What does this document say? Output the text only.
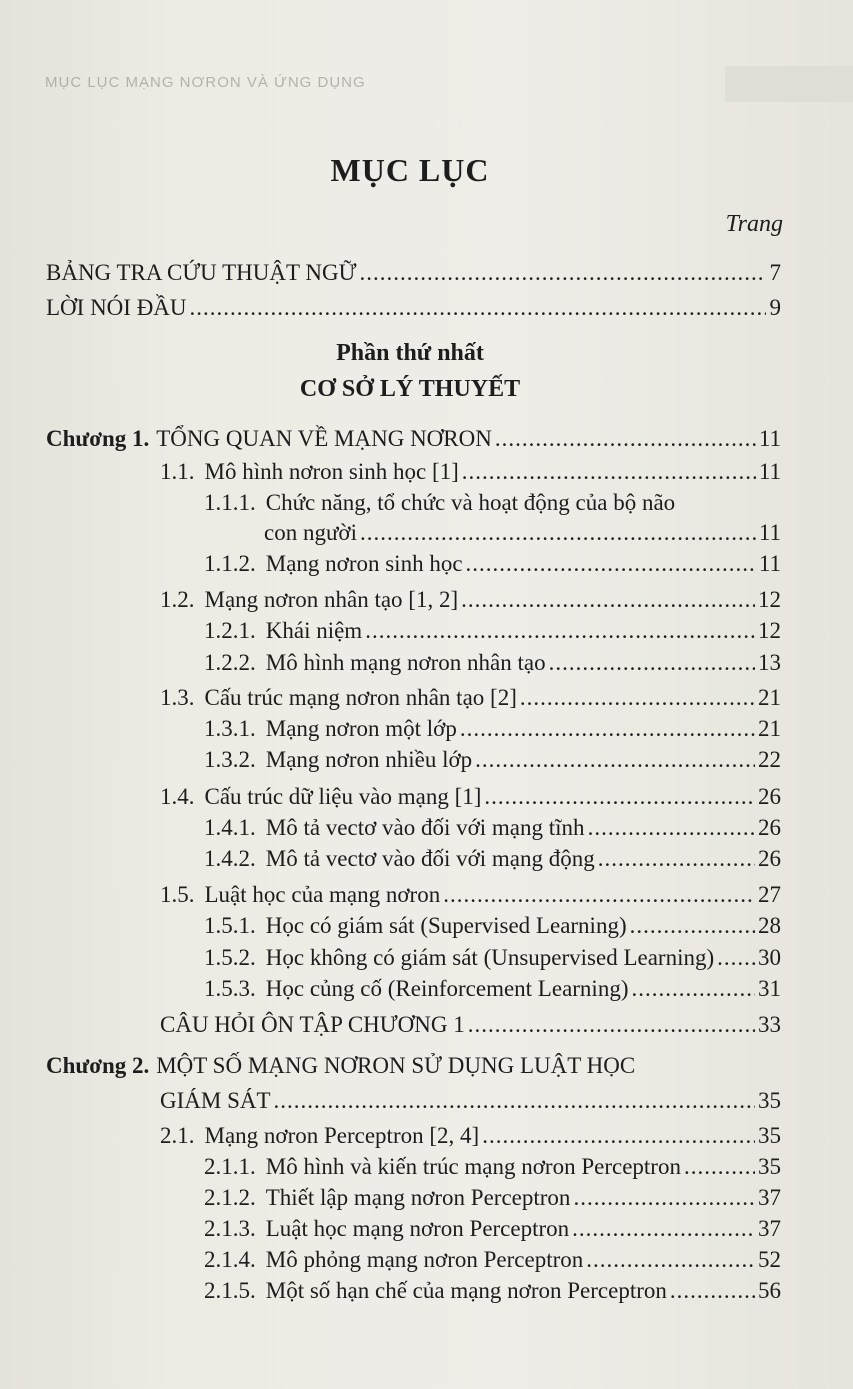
MỤC LỤC MẠNG NƠRON VÀ ỨNG DỤNG
MỤC LỤC
Trang
BẢNG TRA CỨU THUẬT NGỮ .....	7
LỜI NÓI ĐẦU .....	9
Phần thứ nhất
CƠ SỞ LÝ THUYẾT
Chương 1. TỔNG QUAN VỀ MẠNG NƠRON .....	11
1.1. Mô hình nơron sinh học [1] .....	11
1.1.1. Chức năng, tổ chức và hoạt động của bộ não
con người .....	11
1.1.2. Mạng nơron sinh học .....	11
1.2. Mạng nơron nhân tạo [1, 2] .....	12
1.2.1. Khái niệm .....	12
1.2.2. Mô hình mạng nơron nhân tạo .....	13
1.3. Cấu trúc mạng nơron nhân tạo [2] .....	21
1.3.1. Mạng nơron một lớp .....	21
1.3.2. Mạng nơron nhiều lớp .....	22
1.4. Cấu trúc dữ liệu vào mạng [1] .....	26
1.4.1. Mô tả vectơ vào đối với mạng tĩnh .....	26
1.4.2. Mô tả vectơ vào đối với mạng động .....	26
1.5. Luật học của mạng nơron .....	27
1.5.1. Học có giám sát (Supervised Learning) .....	28
1.5.2. Học không có giám sát (Unsupervised Learning) ..... 30
1.5.3. Học củng cố (Reinforcement Learning) .....	31
CÂU HỎI ÔN TẬP CHƯƠNG 1 .....	33
Chương 2. MỘT SỐ MẠNG NƠRON SỬ DỤNG LUẬT HỌC
GIÁM SÁT .....	35
2.1. Mạng nơron Perceptron [2, 4] .....	35
2.1.1. Mô hình và kiến trúc mạng nơron Perceptron .....	35
2.1.2. Thiết lập mạng nơron Perceptron .....	37
2.1.3. Luật học mạng nơron Perceptron .....	37
2.1.4. Mô phỏng mạng nơron Perceptron .....	52
2.1.5. Một số hạn chế của mạng nơron Perceptron .....	56
